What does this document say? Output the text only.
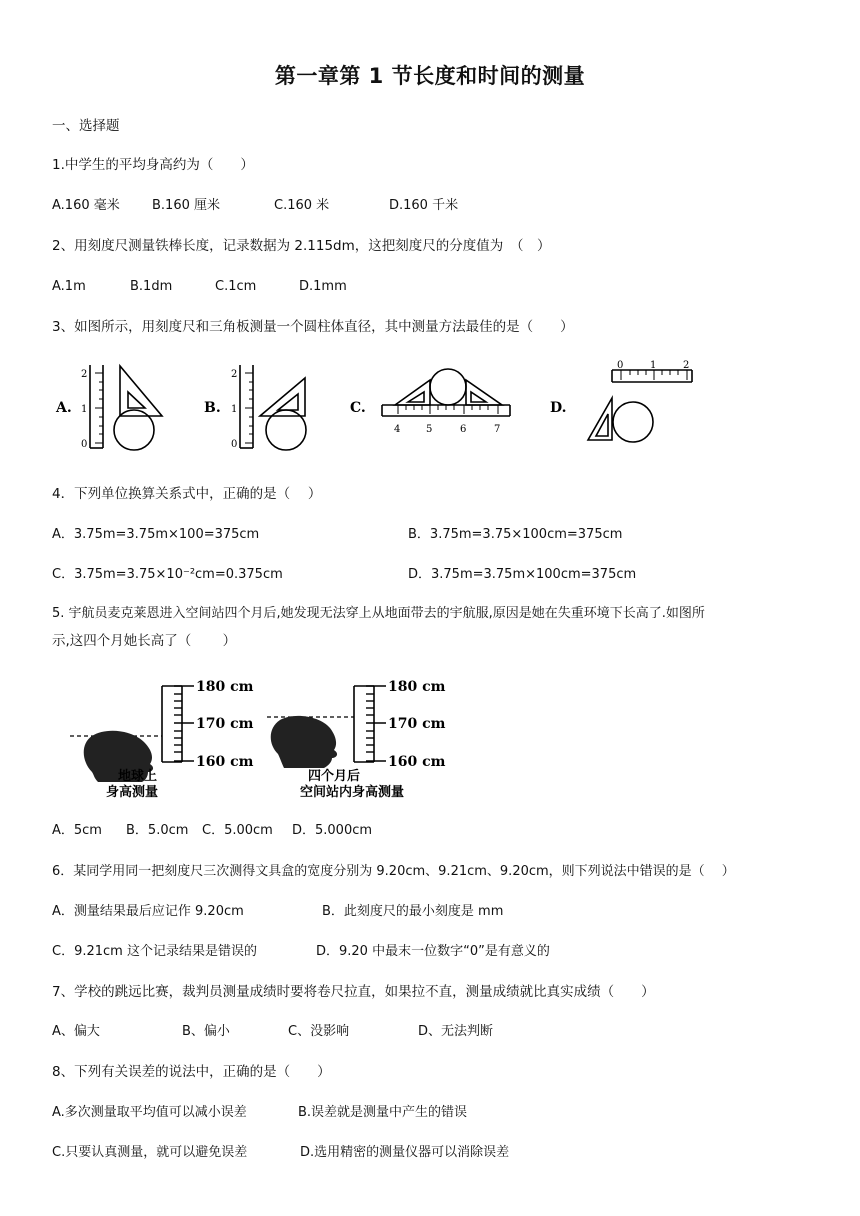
第一章第 1 节长度和时间的测量
一、选择题
1.中学生的平均身高约为（　　）
A.160 毫米 B.160 厘米	C.160 米	D.160 千米
2、用刻度尺测量铁棒长度，记录数据为 2.115dm，这把刻度尺的分度值为　（　）
A.1m	B.1dm	C.1cm	D.1mm
3、如图所示，用刻度尺和三角板测量一个圆柱体直径，其中测量方法最佳的是（　　）
A.	B.	C.	D.
2
1
0
2
1
0
4	5	6	7
0	1	2
4．下列单位换算关系式中，正确的是（　 ）
A．3.75m=3.75m×100=375cm	B．3.75m=3.75×100cm=375cm
C．3.75m=3.75×10⁻²cm=0.375cm	D．3.75m=3.75m×100cm=375cm
5. 宇航员麦克莱恩进入空间站四个月后,她发现无法穿上从地面带去的宇航服,原因是她在失重环境下长高了.如图所
示,这四个月她长高了（　　 ）
180 cm
170 cm
160 cm
180 cm
170 cm
160 cm
地球上
身高测量
四个月后
空间站内身高测量
A．5cm B．5.0cm C．5.00cm D．5.000cm
6．某同学用同一把刻度尺三次测得文具盒的宽度分别为 9.20cm、9.21cm、9.20cm，则下列说法中错误的是（　 ）
A．测量结果最后应记作 9.20cm	B．此刻度尺的最小刻度是 mm
C．9.21cm 这个记录结果是错误的	D．9.20 中最末一位数字“0”是有意义的
7、学校的跳远比赛，裁判员测量成绩时要将卷尺拉直，如果拉不直，测量成绩就比真实成绩（　　）
A、偏大	B、偏小	C、没影响	D、无法判断
8、下列有关误差的说法中，正确的是（　　）
A.多次测量取平均值可以减小误差	B.误差就是测量中产生的错误
C.只要认真测量，就可以避免误差	D.选用精密的测量仪器可以消除误差
